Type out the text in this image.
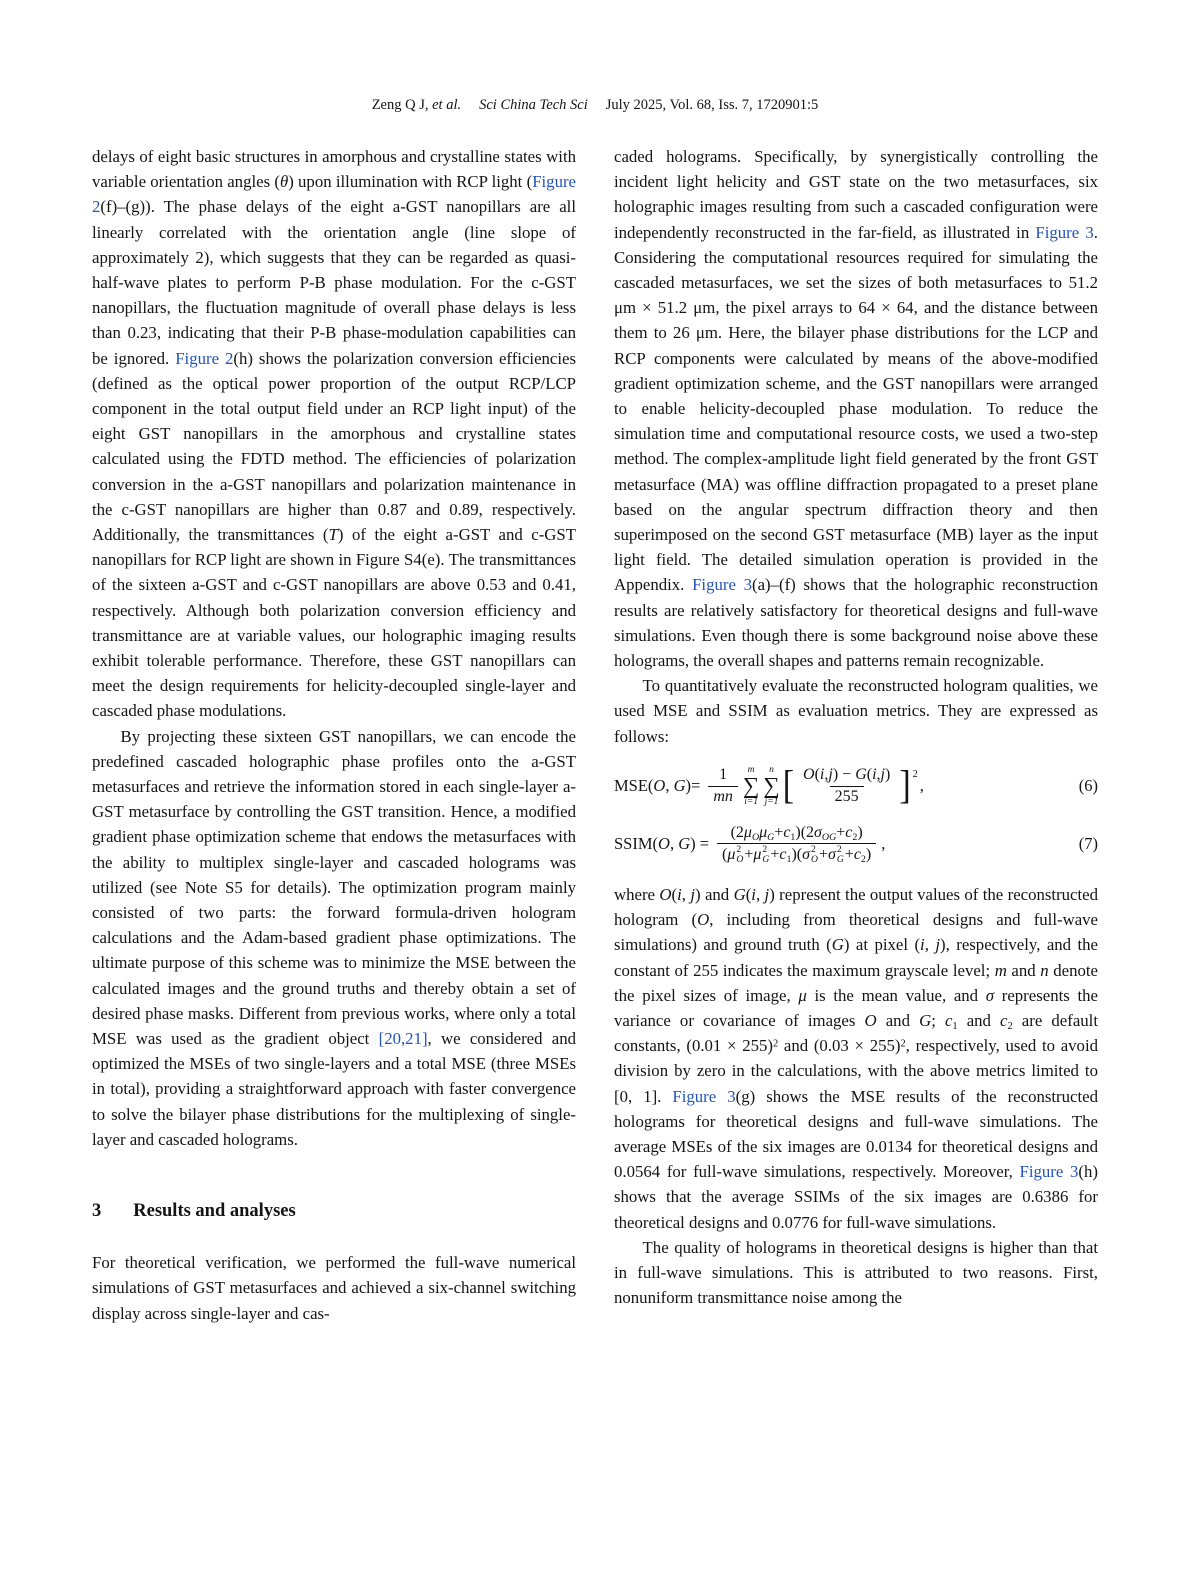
Zeng Q J, et al. Sci China Tech Sci July 2025, Vol. 68, Iss. 7, 1720901:5

delays of eight basic structures in amorphous and crystalline states with variable orientation angles (θ) upon illumination with RCP light (Figure 2(f)–(g)). The phase delays of the eight a-GST nanopillars are all linearly correlated with the orientation angle (line slope of approximately 2), which suggests that they can be regarded as quasi-half-wave plates to perform P-B phase modulation. For the c-GST nanopillars, the fluctuation magnitude of overall phase delays is less than 0.23, indicating that their P-B phase-modulation capabilities can be ignored. Figure 2(h) shows the polarization conversion efficiencies (defined as the optical power proportion of the output RCP/LCP component in the total output field under an RCP light input) of the eight GST nanopillars in the amorphous and crystalline states calculated using the FDTD method. The efficiencies of polarization conversion in the a-GST nanopillars and polarization maintenance in the c-GST nanopillars are higher than 0.87 and 0.89, respectively. Additionally, the transmittances (T) of the eight a-GST and c-GST nanopillars for RCP light are shown in Figure S4(e). The transmittances of the sixteen a-GST and c-GST nanopillars are above 0.53 and 0.41, respectively. Although both polarization conversion efficiency and transmittance are at variable values, our holographic imaging results exhibit tolerable performance. Therefore, these GST nanopillars can meet the design requirements for helicity-decoupled single-layer and cascaded phase modulations.

By projecting these sixteen GST nanopillars, we can encode the predefined cascaded holographic phase profiles onto the a-GST metasurfaces and retrieve the information stored in each single-layer a-GST metasurface by controlling the GST transition. Hence, a modified gradient phase optimization scheme that endows the metasurfaces with the ability to multiplex single-layer and cascaded holograms was utilized (see Note S5 for details). The optimization program mainly consisted of two parts: the forward formula-driven hologram calculations and the Adam-based gradient phase optimizations. The ultimate purpose of this scheme was to minimize the MSE between the calculated images and the ground truths and thereby obtain a set of desired phase masks. Different from previous works, where only a total MSE was used as the gradient object [20,21], we considered and optimized the MSEs of two single-layers and a total MSE (three MSEs in total), providing a straightforward approach with faster convergence to solve the bilayer phase distributions for the multiplexing of single-layer and cascaded holograms.

3 Results and analyses

For theoretical verification, we performed the full-wave numerical simulations of GST metasurfaces and achieved a six-channel switching display across single-layer and cas-

caded holograms. Specifically, by synergistically controlling the incident light helicity and GST state on the two metasurfaces, six holographic images resulting from such a cascaded configuration were independently reconstructed in the far-field, as illustrated in Figure 3. Considering the computational resources required for simulating the cascaded metasurfaces, we set the sizes of both metasurfaces to 51.2 μm × 51.2 μm, the pixel arrays to 64 × 64, and the distance between them to 26 μm. Here, the bilayer phase distributions for the LCP and RCP components were calculated by means of the above-modified gradient optimization scheme, and the GST nanopillars were arranged to enable helicity-decoupled phase modulation. To reduce the simulation time and computational resource costs, we used a two-step method. The complex-amplitude light field generated by the front GST metasurface (MA) was offline diffraction propagated to a preset plane based on the angular spectrum diffraction theory and then superimposed on the second GST metasurface (MB) layer as the input light field. The detailed simulation operation is provided in the Appendix. Figure 3(a)–(f) shows that the holographic reconstruction results are relatively satisfactory for theoretical designs and full-wave simulations. Even though there is some background noise above these holograms, the overall shapes and patterns remain recognizable.

To quantitatively evaluate the reconstructed hologram qualities, we used MSE and SSIM as evaluation metrics. They are expressed as follows:

MSE(O, $G)= \frac{1}{mn}$ m
∑
i=1
n
∑
j=1 [ $\frac{O(i,j) - G(i,j)}{255}$ ] 2
,	(6)
SSIM(O, $G) = (2\mu_O\mu_G+c_1)(2\sigma_{OG}+c_2)$
(μ 2
O +μ 2
$G +c_1)(\sigma$ 2
O +σ 2
$G +c_2$) ,	(7)

where O(i, j) and G(i, j) represent the output values of the reconstructed hologram (O, including from theoretical designs and full-wave simulations) and ground truth (G) at pixel (i, j), respectively, and the constant of 255 indicates the maximum grayscale level; m and n denote the pixel sizes of image, μ is the mean value, and σ represents the variance or covariance of images O and G; $c_1$ and $c_2$ are default constants, $(0.01 \times 255)^2$ and $(0.03 \times 255)^2$, respectively, used to avoid division by zero in the calculations, with the above metrics limited to [0, 1]. Figure 3(g) shows the MSE results of the reconstructed holograms for theoretical designs and full-wave simulations. The average MSEs of the six images are 0.0134 for theoretical designs and 0.0564 for full-wave simulations, respectively. Moreover, Figure 3(h) shows that the average SSIMs of the six images are 0.6386 for theoretical designs and 0.0776 for full-wave simulations.

The quality of holograms in theoretical designs is higher than that in full-wave simulations. This is attributed to two reasons. First, nonuniform transmittance noise among the
